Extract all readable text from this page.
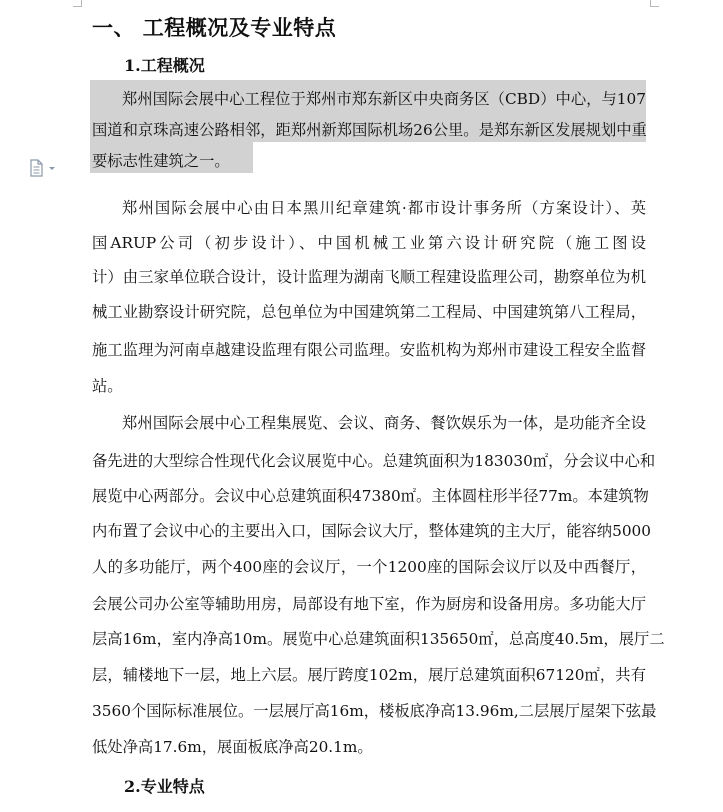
一、 工程概况及专业特点
1.工程概况
郑州国际会展中心工程位于郑州市郑东新区中央商务区（CBD）中心，与107
国道和京珠高速公路相邻，距郑州新郑国际机场26公里。是郑东新区发展规划中重
要标志性建筑之一。
郑州国际会展中心由日本黑川纪章建筑·都市设计事务所（方案设计）、英
国ARUP公司（初步设计）、中国机械工业第六设计研究院（施工图设
计）由三家单位联合设计，设计监理为湖南飞顺工程建设监理公司，勘察单位为机
械工业勘察设计研究院，总包单位为中国建筑第二工程局、中国建筑第八工程局，
施工监理为河南卓越建设监理有限公司监理。安监机构为郑州市建设工程安全监督
站。
郑州国际会展中心工程集展览、会议、商务、餐饮娱乐为一体，是功能齐全设
备先进的大型综合性现代化会议展览中心。总建筑面积为183030㎡，分会议中心和
展览中心两部分。会议中心总建筑面积47380㎡。主体圆柱形半径77m。本建筑物
内布置了会议中心的主要出入口，国际会议大厅，整体建筑的主大厅，能容纳5000
人的多功能厅，两个400座的会议厅，一个1200座的国际会议厅以及中西餐厅，
会展公司办公室等辅助用房，局部设有地下室，作为厨房和设备用房。多功能大厅
层高16m，室内净高10m。展览中心总建筑面积135650㎡，总高度40.5m，展厅二
层，辅楼地下一层，地上六层。展厅跨度102m，展厅总建筑面积67120㎡，共有
3560个国际标准展位。一层展厅高16m，楼板底净高13.96m,二层展厅屋架下弦最
低处净高17.6m，展面板底净高20.1m。
2.专业特点
